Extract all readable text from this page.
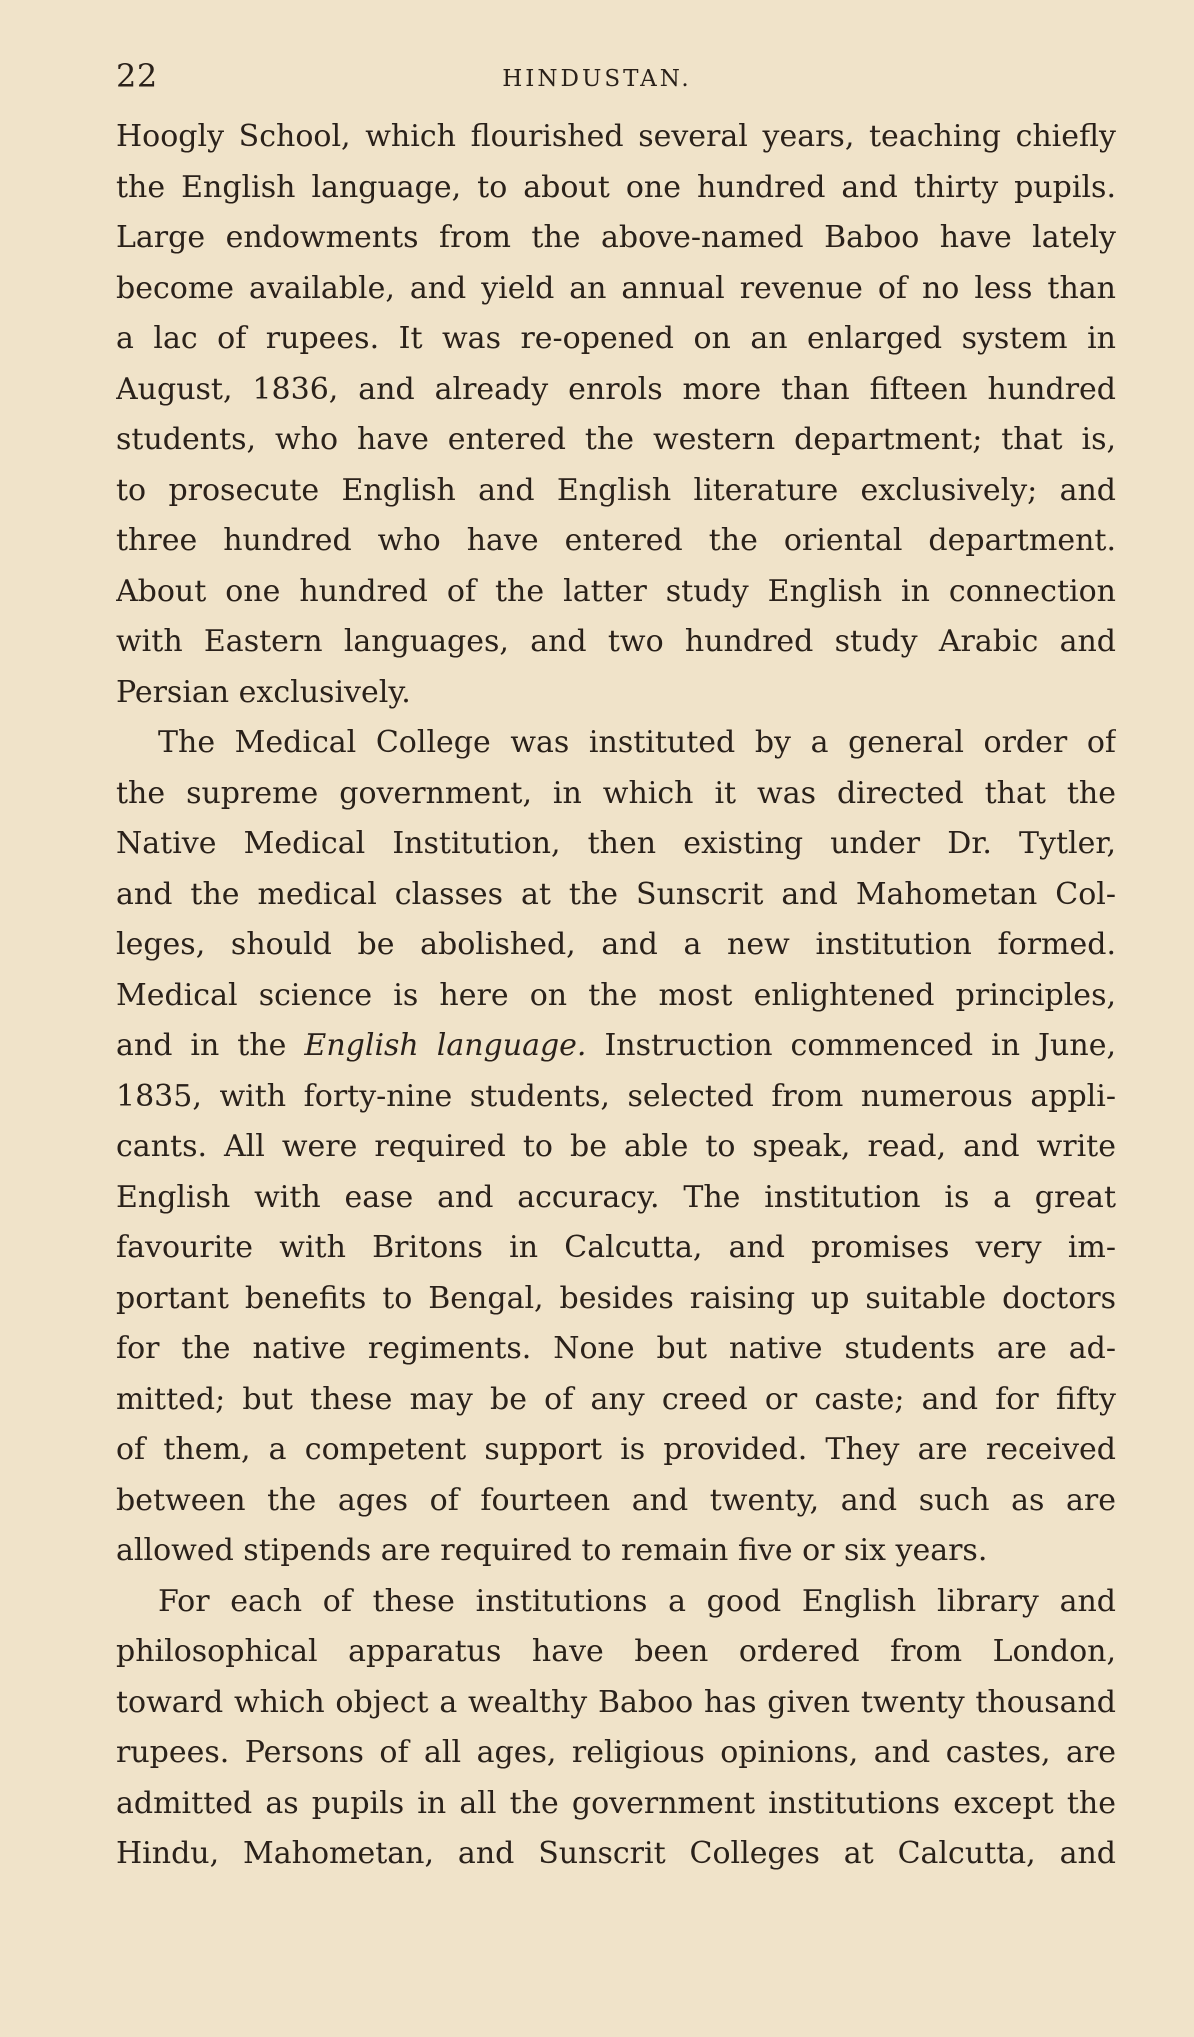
22	HINDUSTAN.
Hoogly School, which flourished several years, teaching chiefly
the English language, to about one hundred and thirty pupils.
Large endowments from the above-named Baboo have lately
become available, and yield an annual revenue of no less than
a lac of rupees. It was re-opened on an enlarged system in
August, 1836, and already enrols more than fifteen hundred
students, who have entered the western department; that is,
to prosecute English and English literature exclusively; and
three hundred who have entered the oriental department.
About one hundred of the latter study English in connection
with Eastern languages, and two hundred study Arabic and
Persian exclusively.
The Medical College was instituted by a general order of
the supreme government, in which it was directed that the
Native Medical Institution, then existing under Dr. Tytler,
and the medical classes at the Sunscrit and Mahometan Col-
leges, should be abolished, and a new institution formed.
Medical science is here on the most enlightened principles,
and in the English language. Instruction commenced in June,
1835, with forty-nine students, selected from numerous appli-
cants. All were required to be able to speak, read, and write
English with ease and accuracy. The institution is a great
favourite with Britons in Calcutta, and promises very im-
portant benefits to Bengal, besides raising up suitable doctors
for the native regiments. None but native students are ad-
mitted; but these may be of any creed or caste; and for fifty
of them, a competent support is provided. They are received
between the ages of fourteen and twenty, and such as are
allowed stipends are required to remain five or six years.
For each of these institutions a good English library and
philosophical apparatus have been ordered from London,
toward which object a wealthy Baboo has given twenty thousand
rupees. Persons of all ages, religious opinions, and castes, are
admitted as pupils in all the government institutions except the
Hindu, Mahometan, and Sunscrit Colleges at Calcutta, and
